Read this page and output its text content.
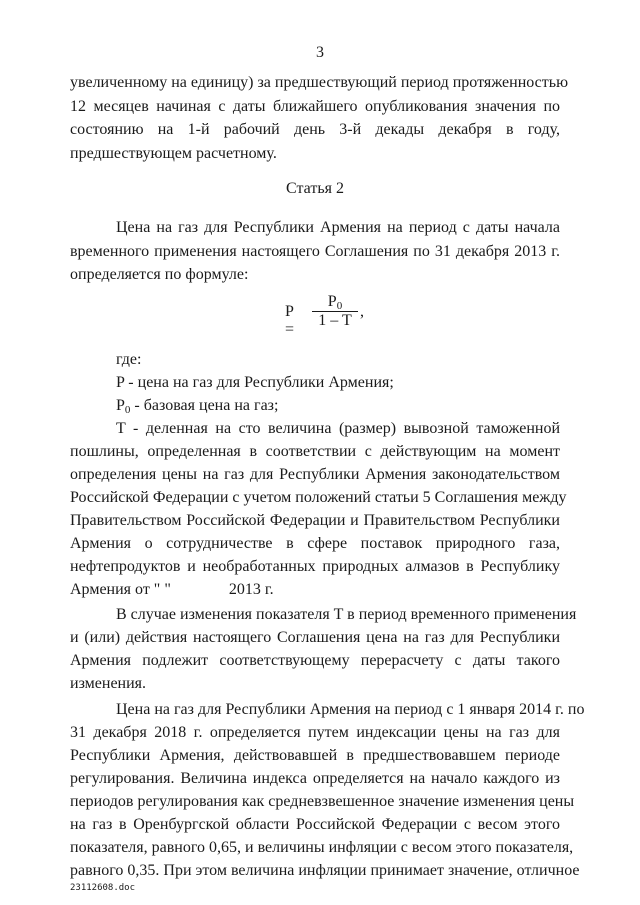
3
увеличенному на единицу) за предшествующий период протяженностью
12 месяцев начиная с даты ближайшего опубликования значения по
состоянию на 1-й рабочий день 3-й декады декабря в году,
предшествующем расчетному.
Статья 2
Цена на газ для Республики Армения на период с даты начала
временного применения настоящего Соглашения по 31 декабря 2013 г.
определяется по формуле:
P =
$P_0$
1 – T
,
где:
P - цена на газ для Республики Армения;
$P_0$ - базовая цена на газ;
T - деленная на сто величина (размер) вывозной таможенной
пошлины, определенная в соответствии с действующим на момент
определения цены на газ для Республики Армения законодательством
Российской Федерации с учетом положений статьи 5 Соглашения между
Правительством Российской Федерации и Правительством Республики
Армения о сотрудничестве в сфере поставок природного газа,
нефтепродуктов и необработанных природных алмазов в Республику
Армения от " "	2013 г.
В случае изменения показателя T в период временного применения
и (или) действия настоящего Соглашения цена на газ для Республики
Армения подлежит соответствующему перерасчету с даты такого
изменения.
Цена на газ для Республики Армения на период с 1 января 2014 г. по
31 декабря 2018 г. определяется путем индексации цены на газ для
Республики Армения, действовавшей в предшествовавшем периоде
регулирования. Величина индекса определяется на начало каждого из
периодов регулирования как средневзвешенное значение изменения цены
на газ в Оренбургской области Российской Федерации с весом этого
показателя, равного 0,65, и величины инфляции с весом этого показателя,
равного 0,35. При этом величина инфляции принимает значение, отличное
23112608.doc
